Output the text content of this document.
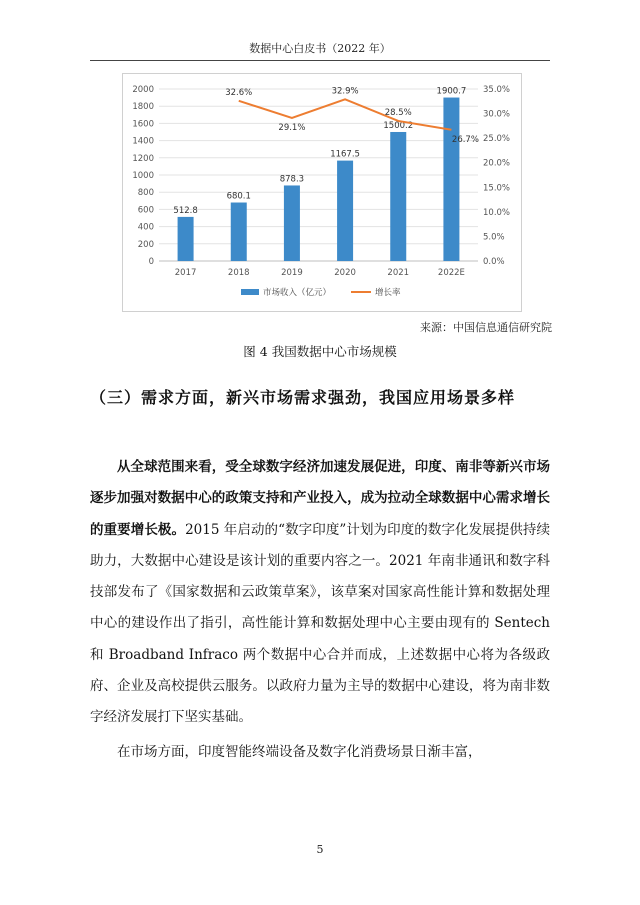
数据中心白皮书（2022 年）
0
200
400
600
800
1000
1200
1400
1600
1800
2000
0.0%
5.0%
10.0%
15.0%
20.0%
25.0%
30.0%
35.0%
2017	2018	2019	2020	2021	2022E
512.8
680.1
878.3
1167.5
1500.2
1900.7
32.6%
29.1%
32.9%
28.5%
26.7%
市场收入（亿元）	增长率
来源：中国信息通信研究院
图 4 我国数据中心市场规模
（三）需求方面，新兴市场需求强劲，我国应用场景多样

从全球范围来看，受全球数字经济加速发展促进，印度、南非等新兴市场逐步加强对数据中心的政策支持和产业投入，成为拉动全球数据中心需求增长的重要增长极。2015 年启动的“数字印度”计划为印度的数字化发展提供持续助力，大数据中心建设是该计划的重要内容之一。2021 年南非通讯和数字科技部发布了《国家数据和云政策草案》，该草案对国家高性能计算和数据处理中心的建设作出了指引，高性能计算和数据处理中心主要由现有的 Sentech 和 Broadband Infraco 两个数据中心合并而成，上述数据中心将为各级政府、企业及高校提供云服务。以政府力量为主导的数据中心建设，将为南非数字经济发展打下坚实基础。

在市场方面，印度智能终端设备及数字化消费场景日渐丰富，

5
